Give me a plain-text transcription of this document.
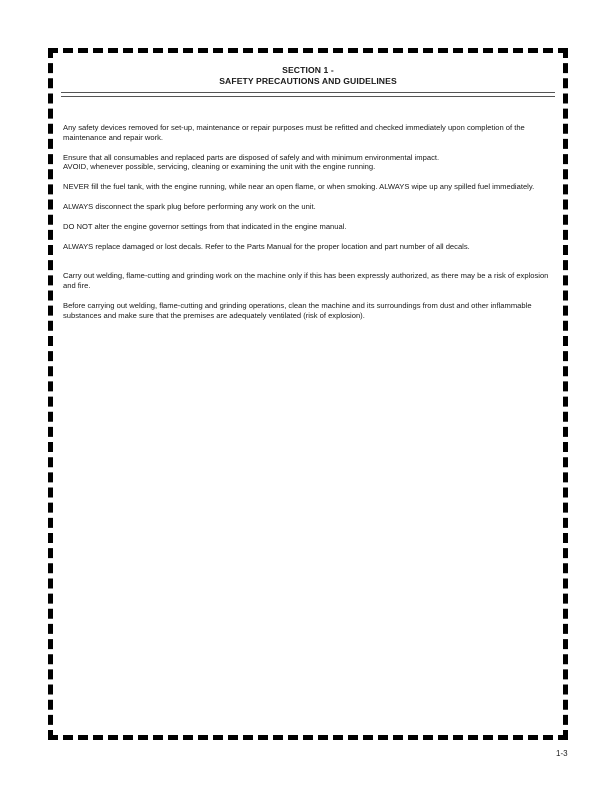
SECTION 1 -
SAFETY PRECAUTIONS AND GUIDELINES

Any safety devices removed for set-up, maintenance or repair purposes must be refitted and checked immediately upon completion of the maintenance and repair work.

Ensure that all consumables and replaced parts are disposed of safely and with minimum environmental impact.

AVOID, whenever possible, servicing, cleaning or examining the unit with the engine running.

NEVER fill the fuel tank, with the engine running, while near an open flame, or when smoking. ALWAYS wipe up any spilled fuel immediately.

ALWAYS disconnect the spark plug before performing any work on the unit.

DO NOT alter the engine governor settings from that indicated in the engine manual.

ALWAYS replace damaged or lost decals. Refer to the Parts Manual for the proper location and part number of all decals.

Carry out welding, flame-cutting and grinding work on the machine only if this has been expressly authorized, as there may be a risk of explosion and fire.

Before carrying out welding, flame-cutting and grinding operations, clean the machine and its surroundings from dust and other inflammable substances and make sure that the premises are adequately ventilated (risk of explosion).

1-3
